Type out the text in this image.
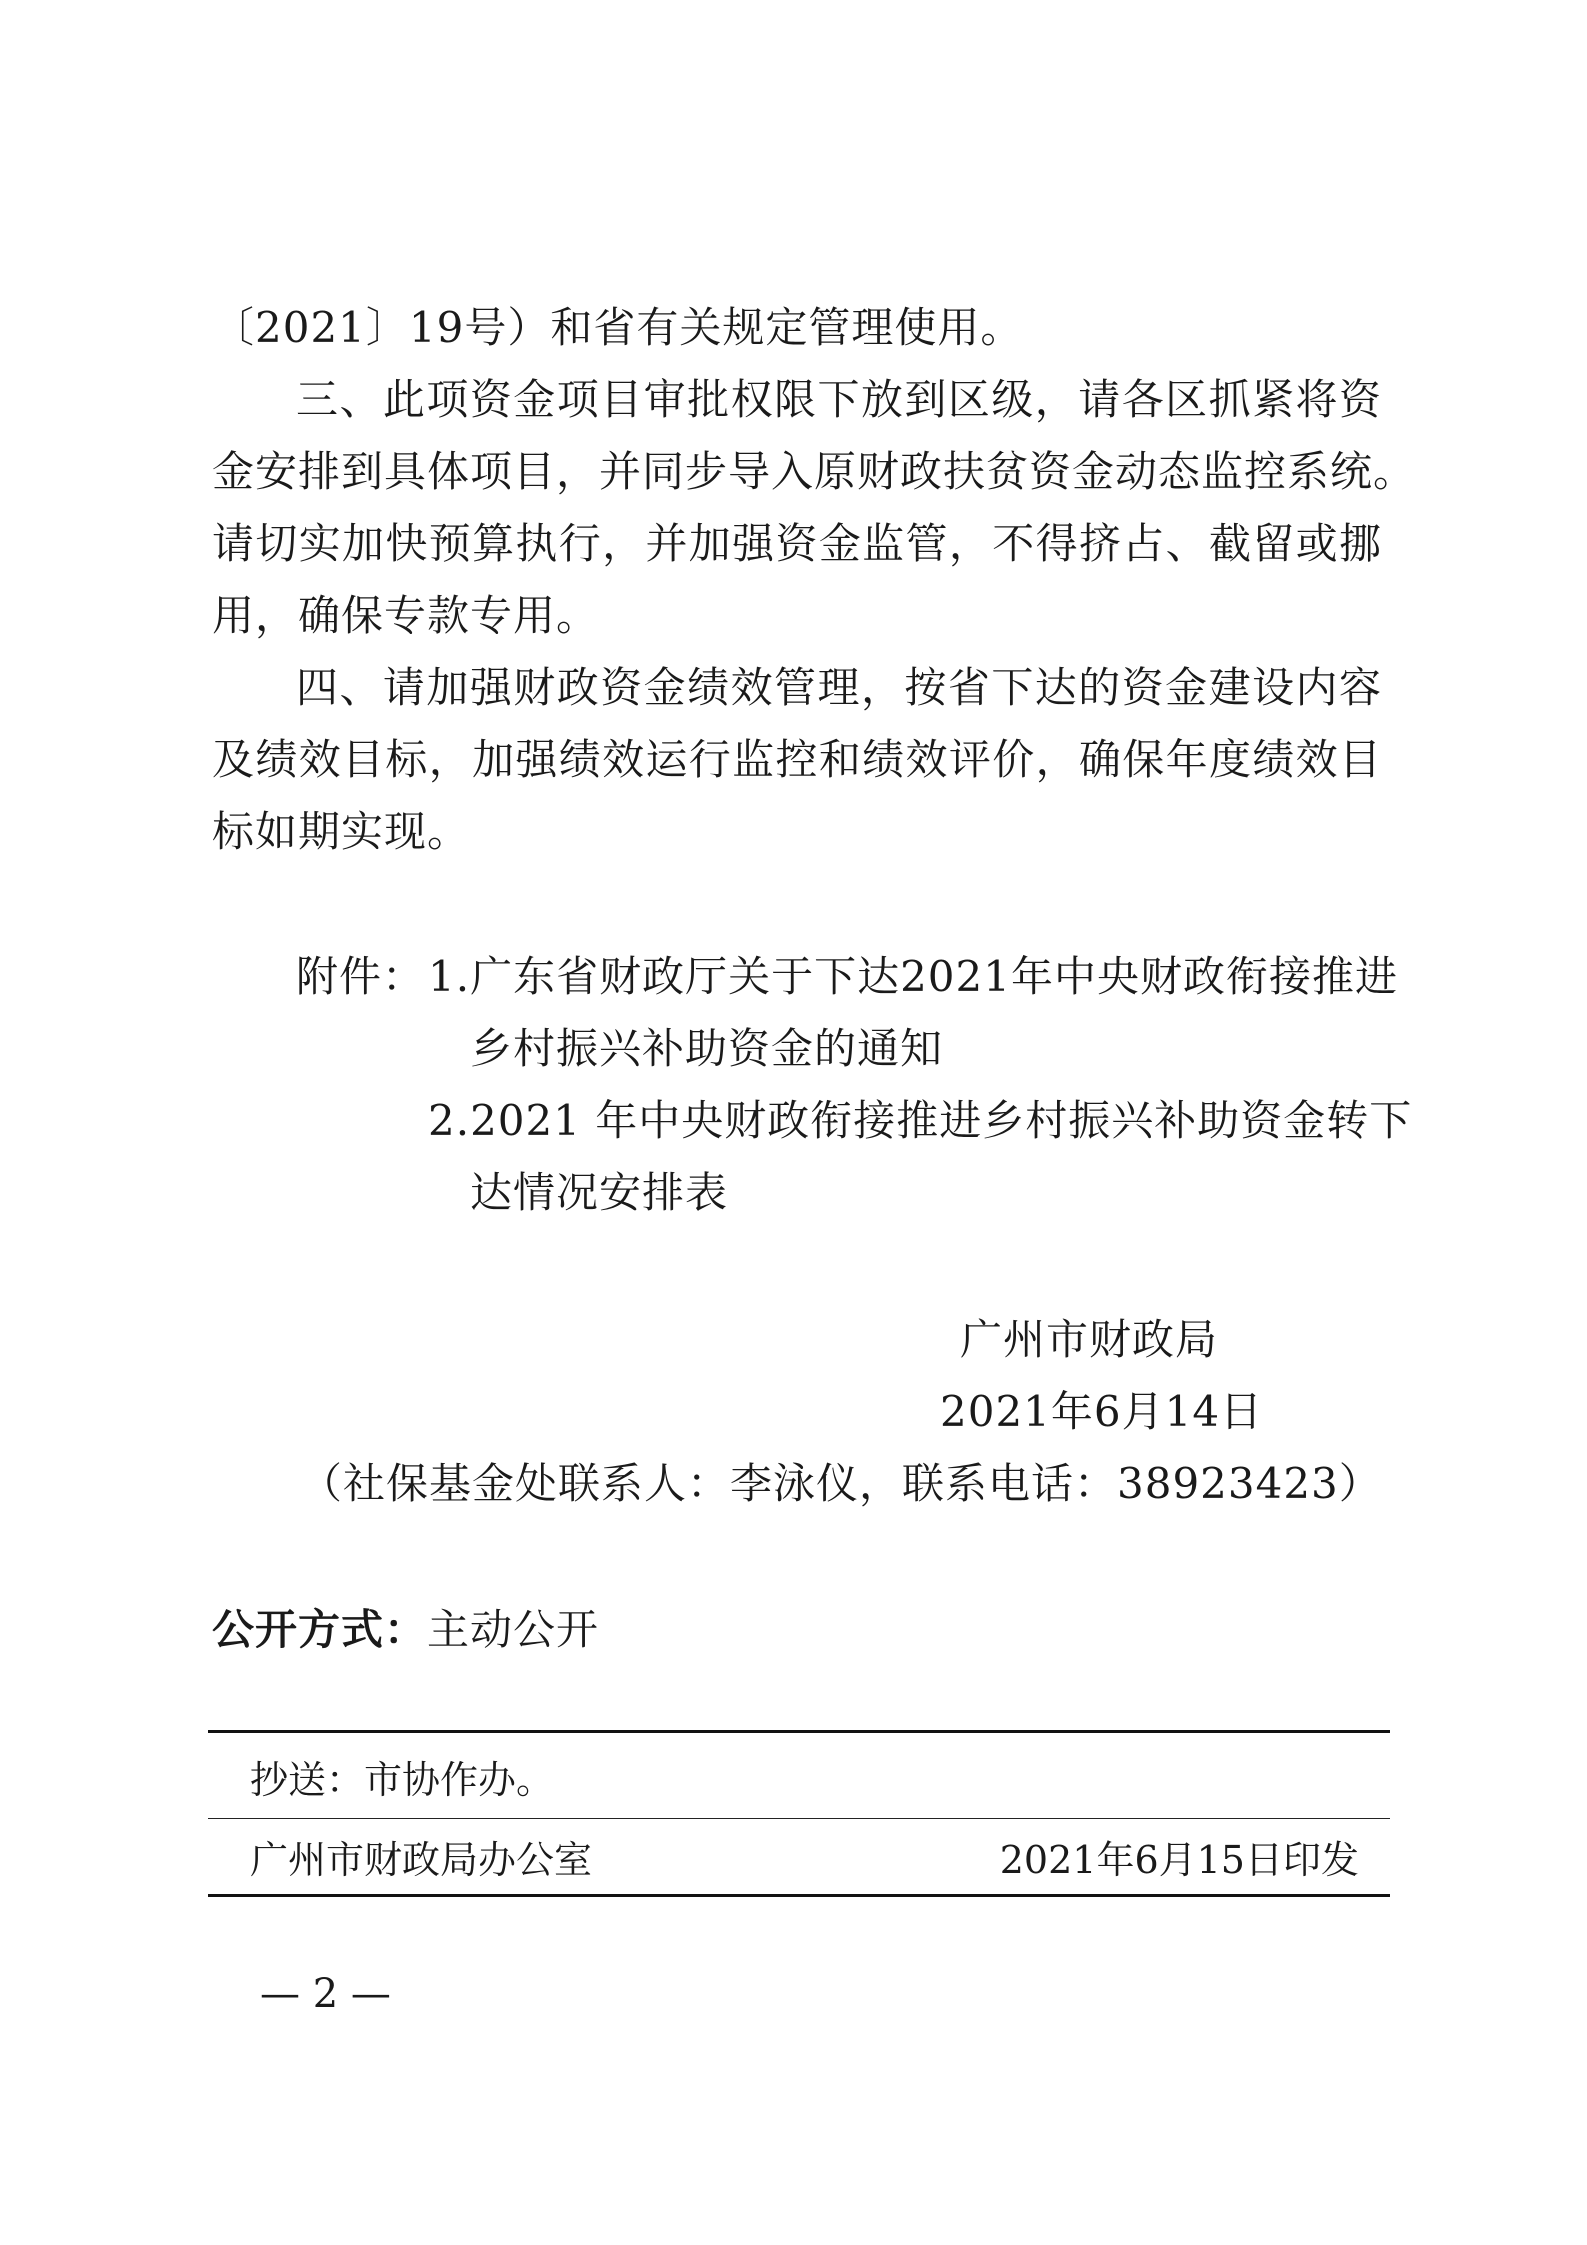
〔2021〕19号）和省有关规定管理使用。
三、此项资金项目审批权限下放到区级，请各区抓紧将资
金安排到具体项目，并同步导入原财政扶贫资金动态监控系统。
请切实加快预算执行，并加强资金监管，不得挤占、截留或挪
用，确保专款专用。
四、请加强财政资金绩效管理，按省下达的资金建设内容
及绩效目标，加强绩效运行监控和绩效评价，确保年度绩效目
标如期实现。
附件： 1.广东省财政厅关于下达2021年中央财政衔接推进
乡村振兴补助资金的通知
2.2021 年中央财政衔接推进乡村振兴补助资金转下
达情况安排表
广州市财政局
2021年6月14日
（社保基金处联系人：李泳仪，联系电话：38923423）
公开方式：主动公开
抄送：市协作办。
广州市财政局办公室	2021年6月15日印发
— 2 —
